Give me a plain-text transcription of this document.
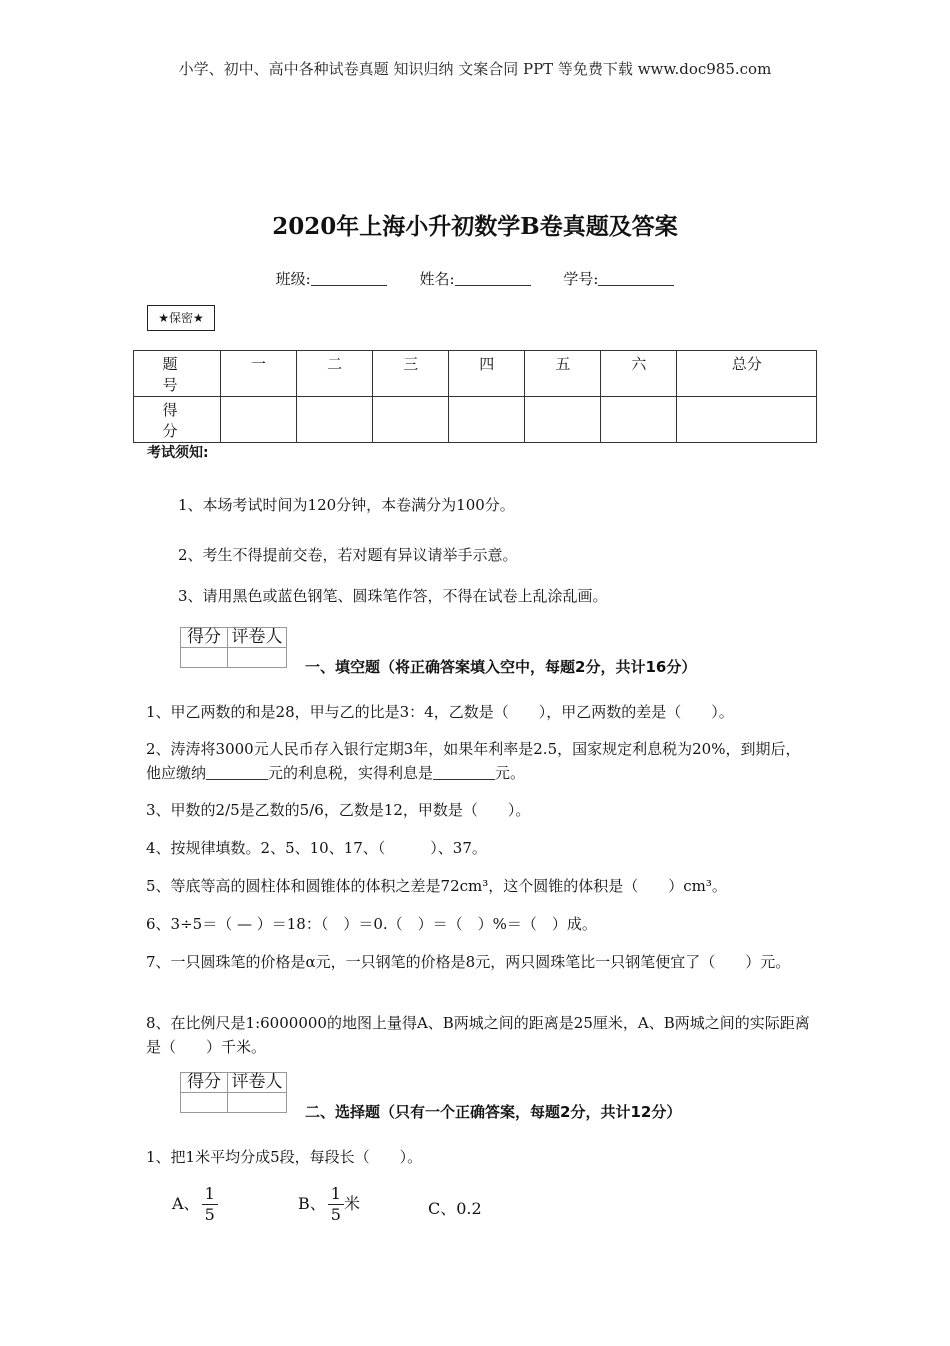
小学、初中、高中各种试卷真题 知识归纳 文案合同 PPT 等免费下载 www.doc985.com
2020年上海小升初数学B卷真题及答案
班级:	姓名:	学号:
★保密★
题　号	一	二	三	四	五	六	总分
得　分							
考试须知:
1、本场考试时间为120分钟，本卷满分为100分。
2、考生不得提前交卷，若对题有异议请举手示意。
3、请用黑色或蓝色钢笔、圆珠笔作答，不得在试卷上乱涂乱画。
得分	评卷人

一、填空题（将正确答案填入空中，每题2分，共计16分）
1、甲乙两数的和是28，甲与乙的比是3：4，乙数是（　　），甲乙两数的差是（　　）。
2、涛涛将3000元人民币存入银行定期3年，如果年利率是2.5，国家规定利息税为20%，到期后，他应缴纳	元的利息税，实得利息是	元。
3、甲数的2/5是乙数的5/6，乙数是12，甲数是（　　）。
4、按规律填数。2、5、10、17、（　　　）、37。
5、等底等高的圆柱体和圆锥体的体积之差是72cm³，这个圆锥的体积是（　　）cm³。
6、3÷5＝（ — ）＝18：（　）＝0.（　）＝（　）%＝（　）成。
7、一只圆珠笔的价格是α元，一只钢笔的价格是8元，两只圆珠笔比一只钢笔便宜了（　　）元。
8、在比例尺是1:6000000的地图上量得A、B两城之间的距离是25厘米，A、B两城之间的实际距离是（　　）千米。
得分	评卷人

二、选择题（只有一个正确答案，每题2分，共计12分）
1、把1米平均分成5段，每段长（　　）。
A、 $\frac{1}{5}$	B、 $\frac{1}{5}$ 米	C、0.2
